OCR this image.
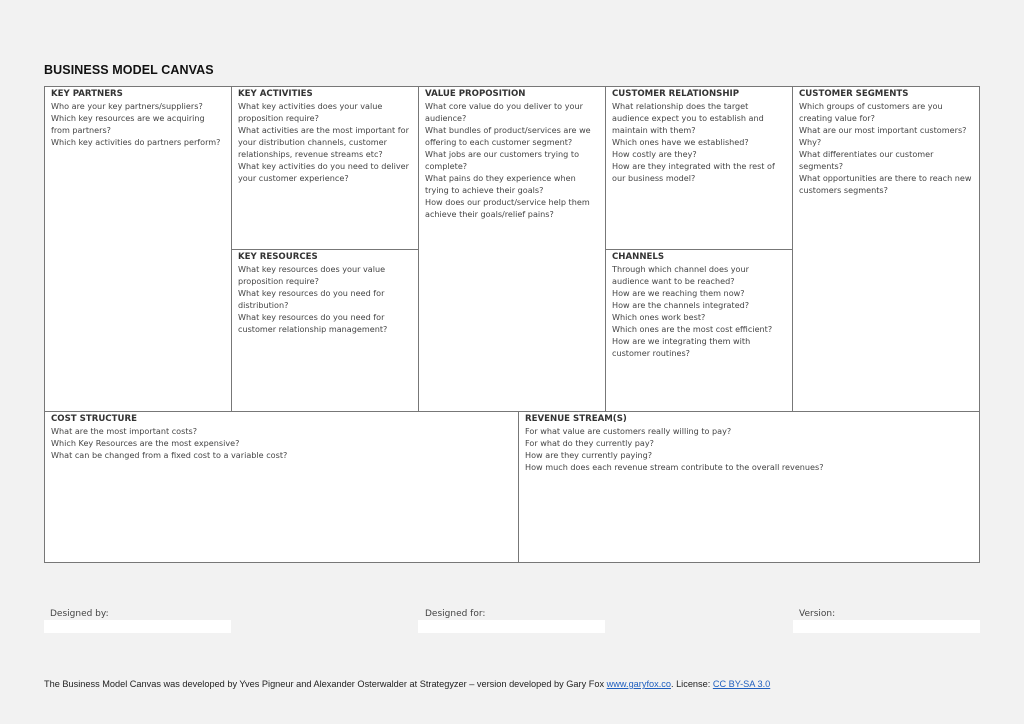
BUSINESS MODEL CANVAS
KEY PARTNERS
Who are your key partners/suppliers?
Which key resources are we acquiring from partners?
Which key activities do partners perform?
KEY ACTIVITIES
What key activities does your value proposition require?
What activities are the most important for your distribution channels, customer relationships, revenue streams etc?
What key activities do you need to deliver your customer experience?
KEY RESOURCES
What key resources does your value proposition require?
What key resources do you need for distribution?
What key resources do you need for customer relationship management?
VALUE PROPOSITION
What core value do you deliver to your audience?
What bundles of product/services are we offering to each customer segment?
What jobs are our customers trying to complete?
What pains do they experience when trying to achieve their goals?
How does our product/service help them achieve their goals/relief pains?
CUSTOMER RELATIONSHIP
What relationship does the target audience expect you to establish and maintain with them?
Which ones have we established?
How costly are they?
How are they integrated with the rest of our business model?
CHANNELS
Through which channel does your audience want to be reached?
How are we reaching them now?
How are the channels integrated?
Which ones work best?
Which ones are the most cost efficient?
How are we integrating them with customer routines?
CUSTOMER SEGMENTS
Which groups of customers are you creating value for?
What are our most important customers? Why?
What differentiates our customer segments?
What opportunities are there to reach new customers segments?
COST STRUCTURE
What are the most important costs?
Which Key Resources are the most expensive?
What can be changed from a fixed cost to a variable cost?
REVENUE STREAM(S)
For what value are customers really willing to pay?
For what do they currently pay?
How are they currently paying?
How much does each revenue stream contribute to the overall revenues?
Designed by:	Designed for:	Version:
The Business Model Canvas was developed by Yves Pigneur and Alexander Osterwalder at Strategyzer – version developed by Gary Fox www.garyfox.co. License: CC BY-SA 3.0
